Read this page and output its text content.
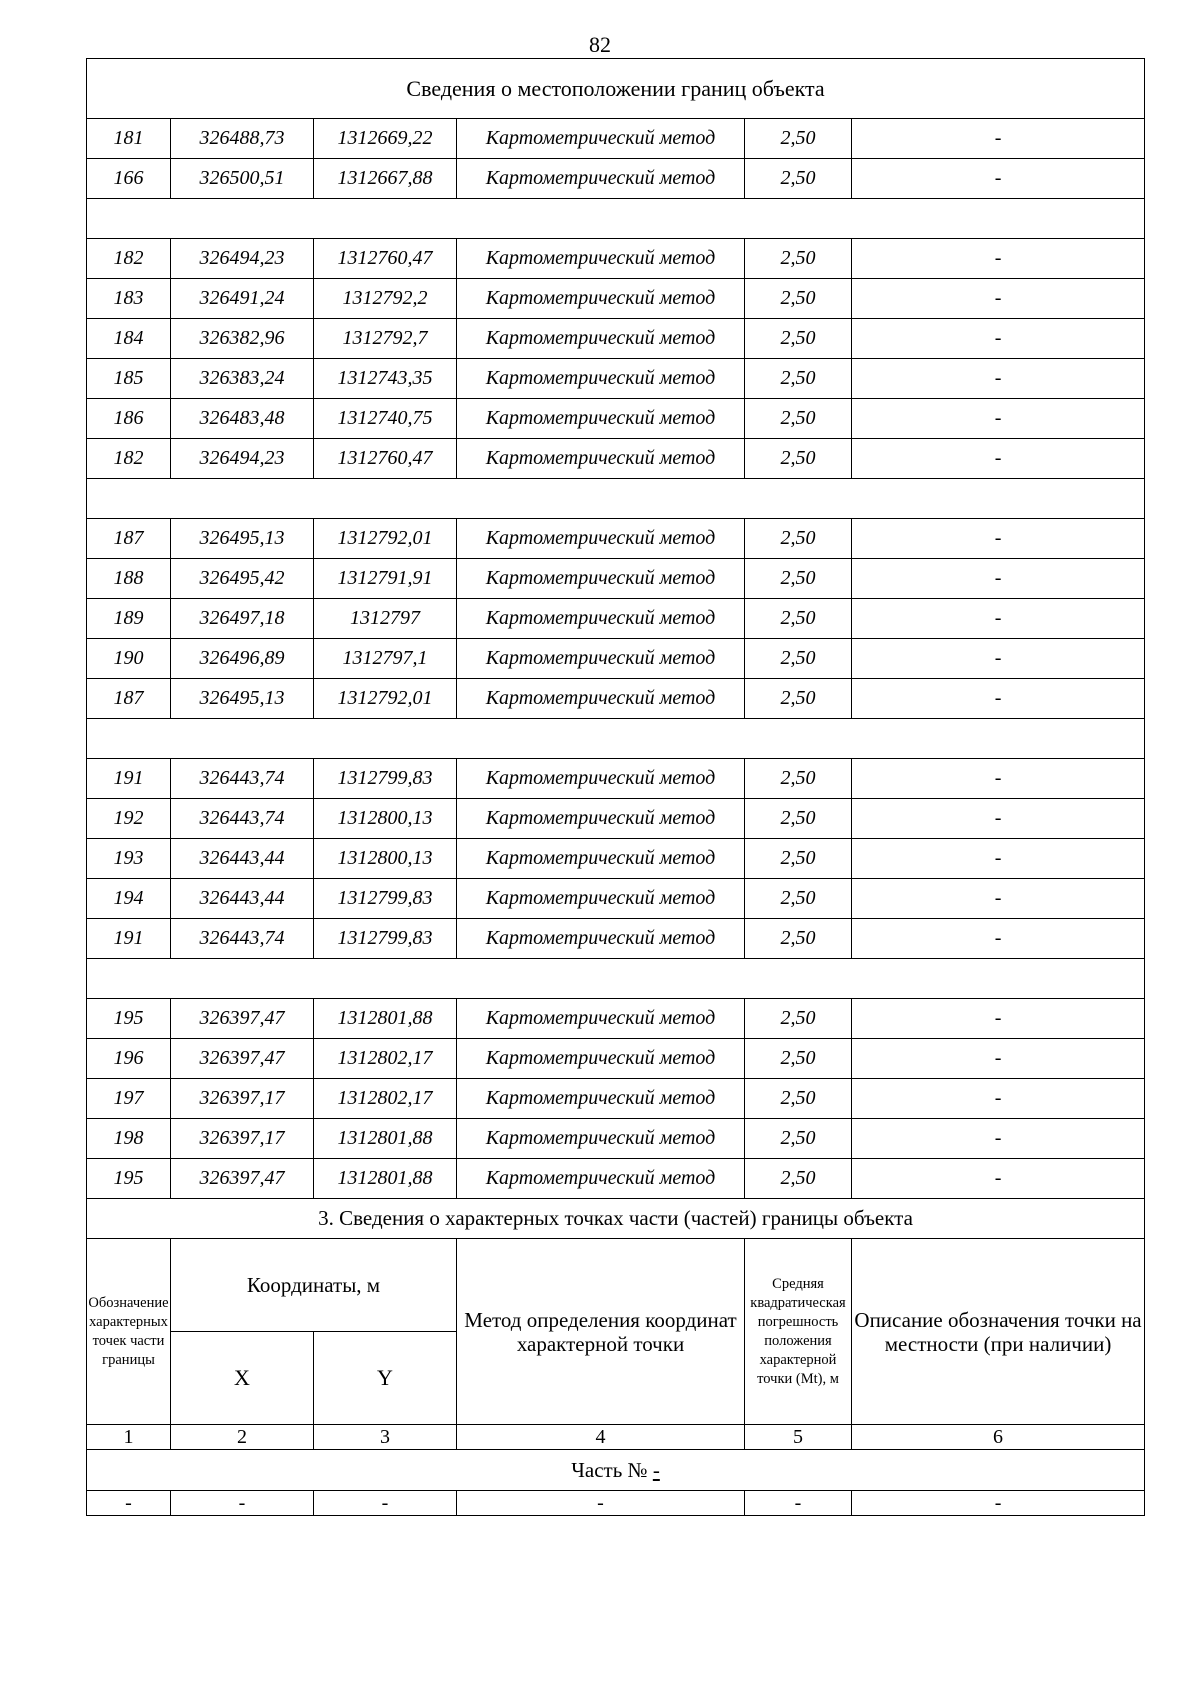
82
Сведения о местоположении границ объекта					
181	326488,73	1312669,22	Картометрический метод	2,50	-
166	326500,51	1312667,88	Картометрический метод	2,50	-

182	326494,23	1312760,47	Картометрический метод	2,50	-
183	326491,24	1312792,2	Картометрический метод	2,50	-
184	326382,96	1312792,7	Картометрический метод	2,50	-
185	326383,24	1312743,35	Картометрический метод	2,50	-
186	326483,48	1312740,75	Картометрический метод	2,50	-
182	326494,23	1312760,47	Картометрический метод	2,50	-

187	326495,13	1312792,01	Картометрический метод	2,50	-
188	326495,42	1312791,91	Картометрический метод	2,50	-
189	326497,18	1312797	Картометрический метод	2,50	-
190	326496,89	1312797,1	Картометрический метод	2,50	-
187	326495,13	1312792,01	Картометрический метод	2,50	-

191	326443,74	1312799,83	Картометрический метод	2,50	-
192	326443,74	1312800,13	Картометрический метод	2,50	-
193	326443,44	1312800,13	Картометрический метод	2,50	-
194	326443,44	1312799,83	Картометрический метод	2,50	-
191	326443,74	1312799,83	Картометрический метод	2,50	-

195	326397,47	1312801,88	Картометрический метод	2,50	-
196	326397,47	1312802,17	Картометрический метод	2,50	-
197	326397,17	1312802,17	Картометрический метод	2,50	-
198	326397,17	1312801,88	Картометрический метод	2,50	-
195	326397,47	1312801,88	Картометрический метод	2,50	-
3. Сведения о характерных точках части (частей) границы объекта					
Обозначение характерных точек части границы	Координаты, м		Метод определения координат характерной точки	Средняя квадратическая погрешность положения характерной точки (Mt), м	Описание обозначения точки на местности (при наличии)
	X	Y			
1	2	3	4	5	6
Часть № -					
-	-	-	-	-	-
